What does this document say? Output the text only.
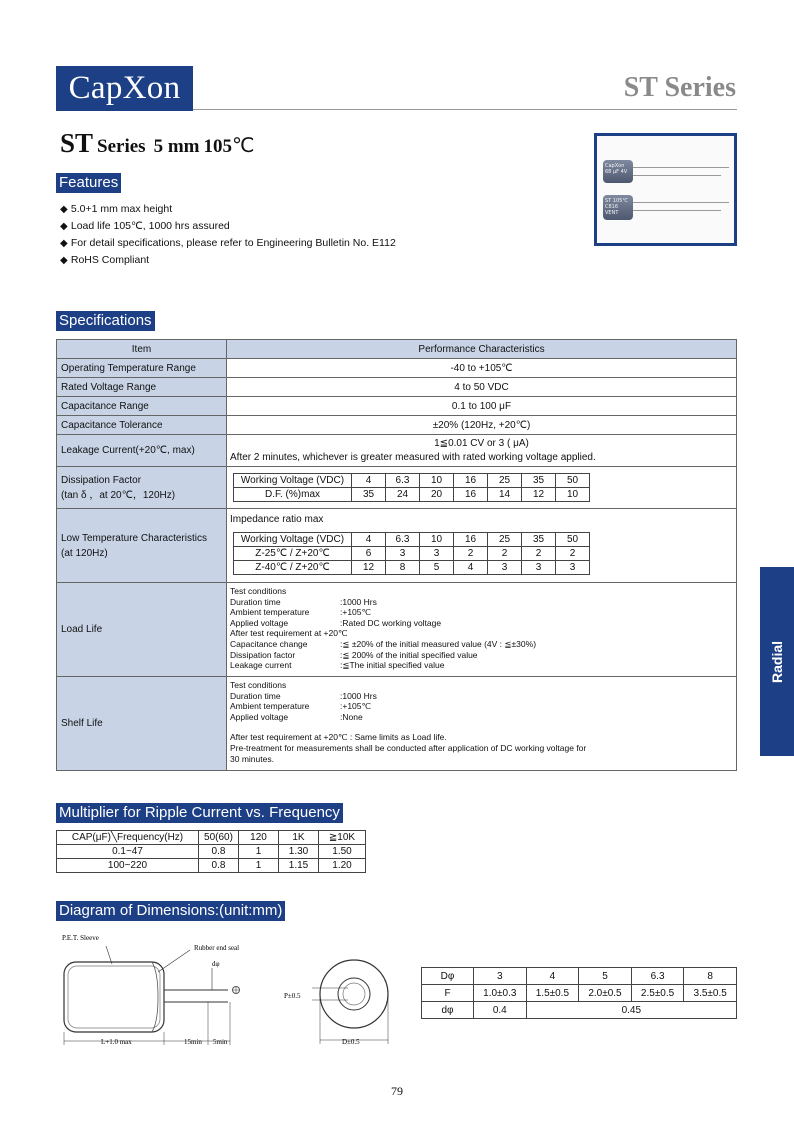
CapXon	ST Series
ST Series 5 mm 105℃
CapXon
68 μF 4V
ST 105℃
C816
VENT
Features
◆ 5.0+1 mm max height
◆ Load life 105℃, 1000 hrs assured
◆ For detail specifications, please refer to Engineering Bulletin No. E112
◆ RoHS Compliant
Specifications
Item	Performance Characteristics
Operating Temperature Range	-40 to +105℃
Rated Voltage Range	4 to 50 VDC
Capacitance Range	0.1 to 100 μF
Capacitance Tolerance	±20% (120Hz, +20℃)
Leakage Current(+20℃, max)	
1≦0.01 CV or 3 ( μA)
After 2 minutes, whichever is greater measured with rated working voltage applied.

Dissipation Factor
(tan δ ，at 20℃，120Hz)

Working Voltage (VDC)	4	6.3	10	16	25	35	50
D.F. (%)max	35	24	20	16	14	12	10

Low Temperature Characteristics
(at 120Hz)

Impedance ratio max
Working Voltage (VDC)	4	6.3	10	16	25	35	50
Z-25℃ / Z+20℃	6	3	3	2	2	2	2
Z-40℃ / Z+20℃	12	8	5	4	3	3	3

Load Life	
Test conditions
Duration time	:1000 Hrs
Ambient temperature	:+105℃
Applied voltage	:Rated DC working voltage
After test requirement at +20℃
Capacitance change	:≦ ±20% of the initial measured value (4V : ≦±30%)
Dissipation factor	:≦ 200% of the initial specified value
Leakage current	:≦The initial specified value

Shelf Life	
Test conditions
Duration time	:1000 Hrs
Ambient temperature	:+105℃
Applied voltage	:None
After test requirement at +20℃ : Same limits as Load life.
Pre-treatment for measurements shall be conducted after application of DC working voltage for 30 minutes.
Multiplier for Ripple Current vs. Frequency
CAP(μF)╲Frequency(Hz)	50(60)	120	1K	≧10K
0.1~47	0.8	1	1.30	1.50
100~220	0.8	1	1.15	1.20
Diagram of Dimensions:(unit:mm)
P.E.T. Sleeve
Rubber end seal
dφ
L+1.0 max	15min 5min
P±0.5
D±0.5
Dφ	3	4	5	6.3	8
F	1.0±0.3	1.5±0.5	2.0±0.5	2.5±0.5	3.5±0.5
dφ	0.4	0.45			
Radial
79
